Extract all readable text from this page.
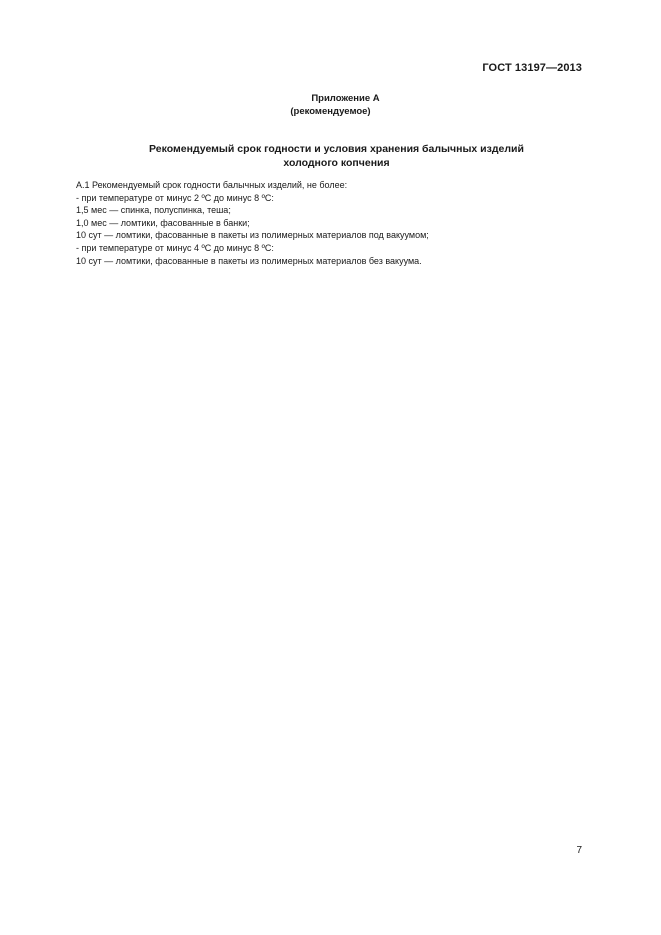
ГОСТ 13197—2013
Приложение А
(рекомендуемое)
Рекомендуемый срок годности и условия хранения балычных изделий
холодного копчения

А.1 Рекомендуемый срок годности балычных изделий, не более:

- при температуре от минус 2 ºС до минус 8 ºС:

1,5 мес — спинка, полуспинка, теша;

1,0 мес — ломтики, фасованные в банки;

10 сут — ломтики, фасованные в пакеты из полимерных материалов под вакуумом;

- при температуре от минус 4 ºС до минус 8 ºС:

10 сут — ломтики, фасованные в пакеты из полимерных материалов без вакуума.

7
